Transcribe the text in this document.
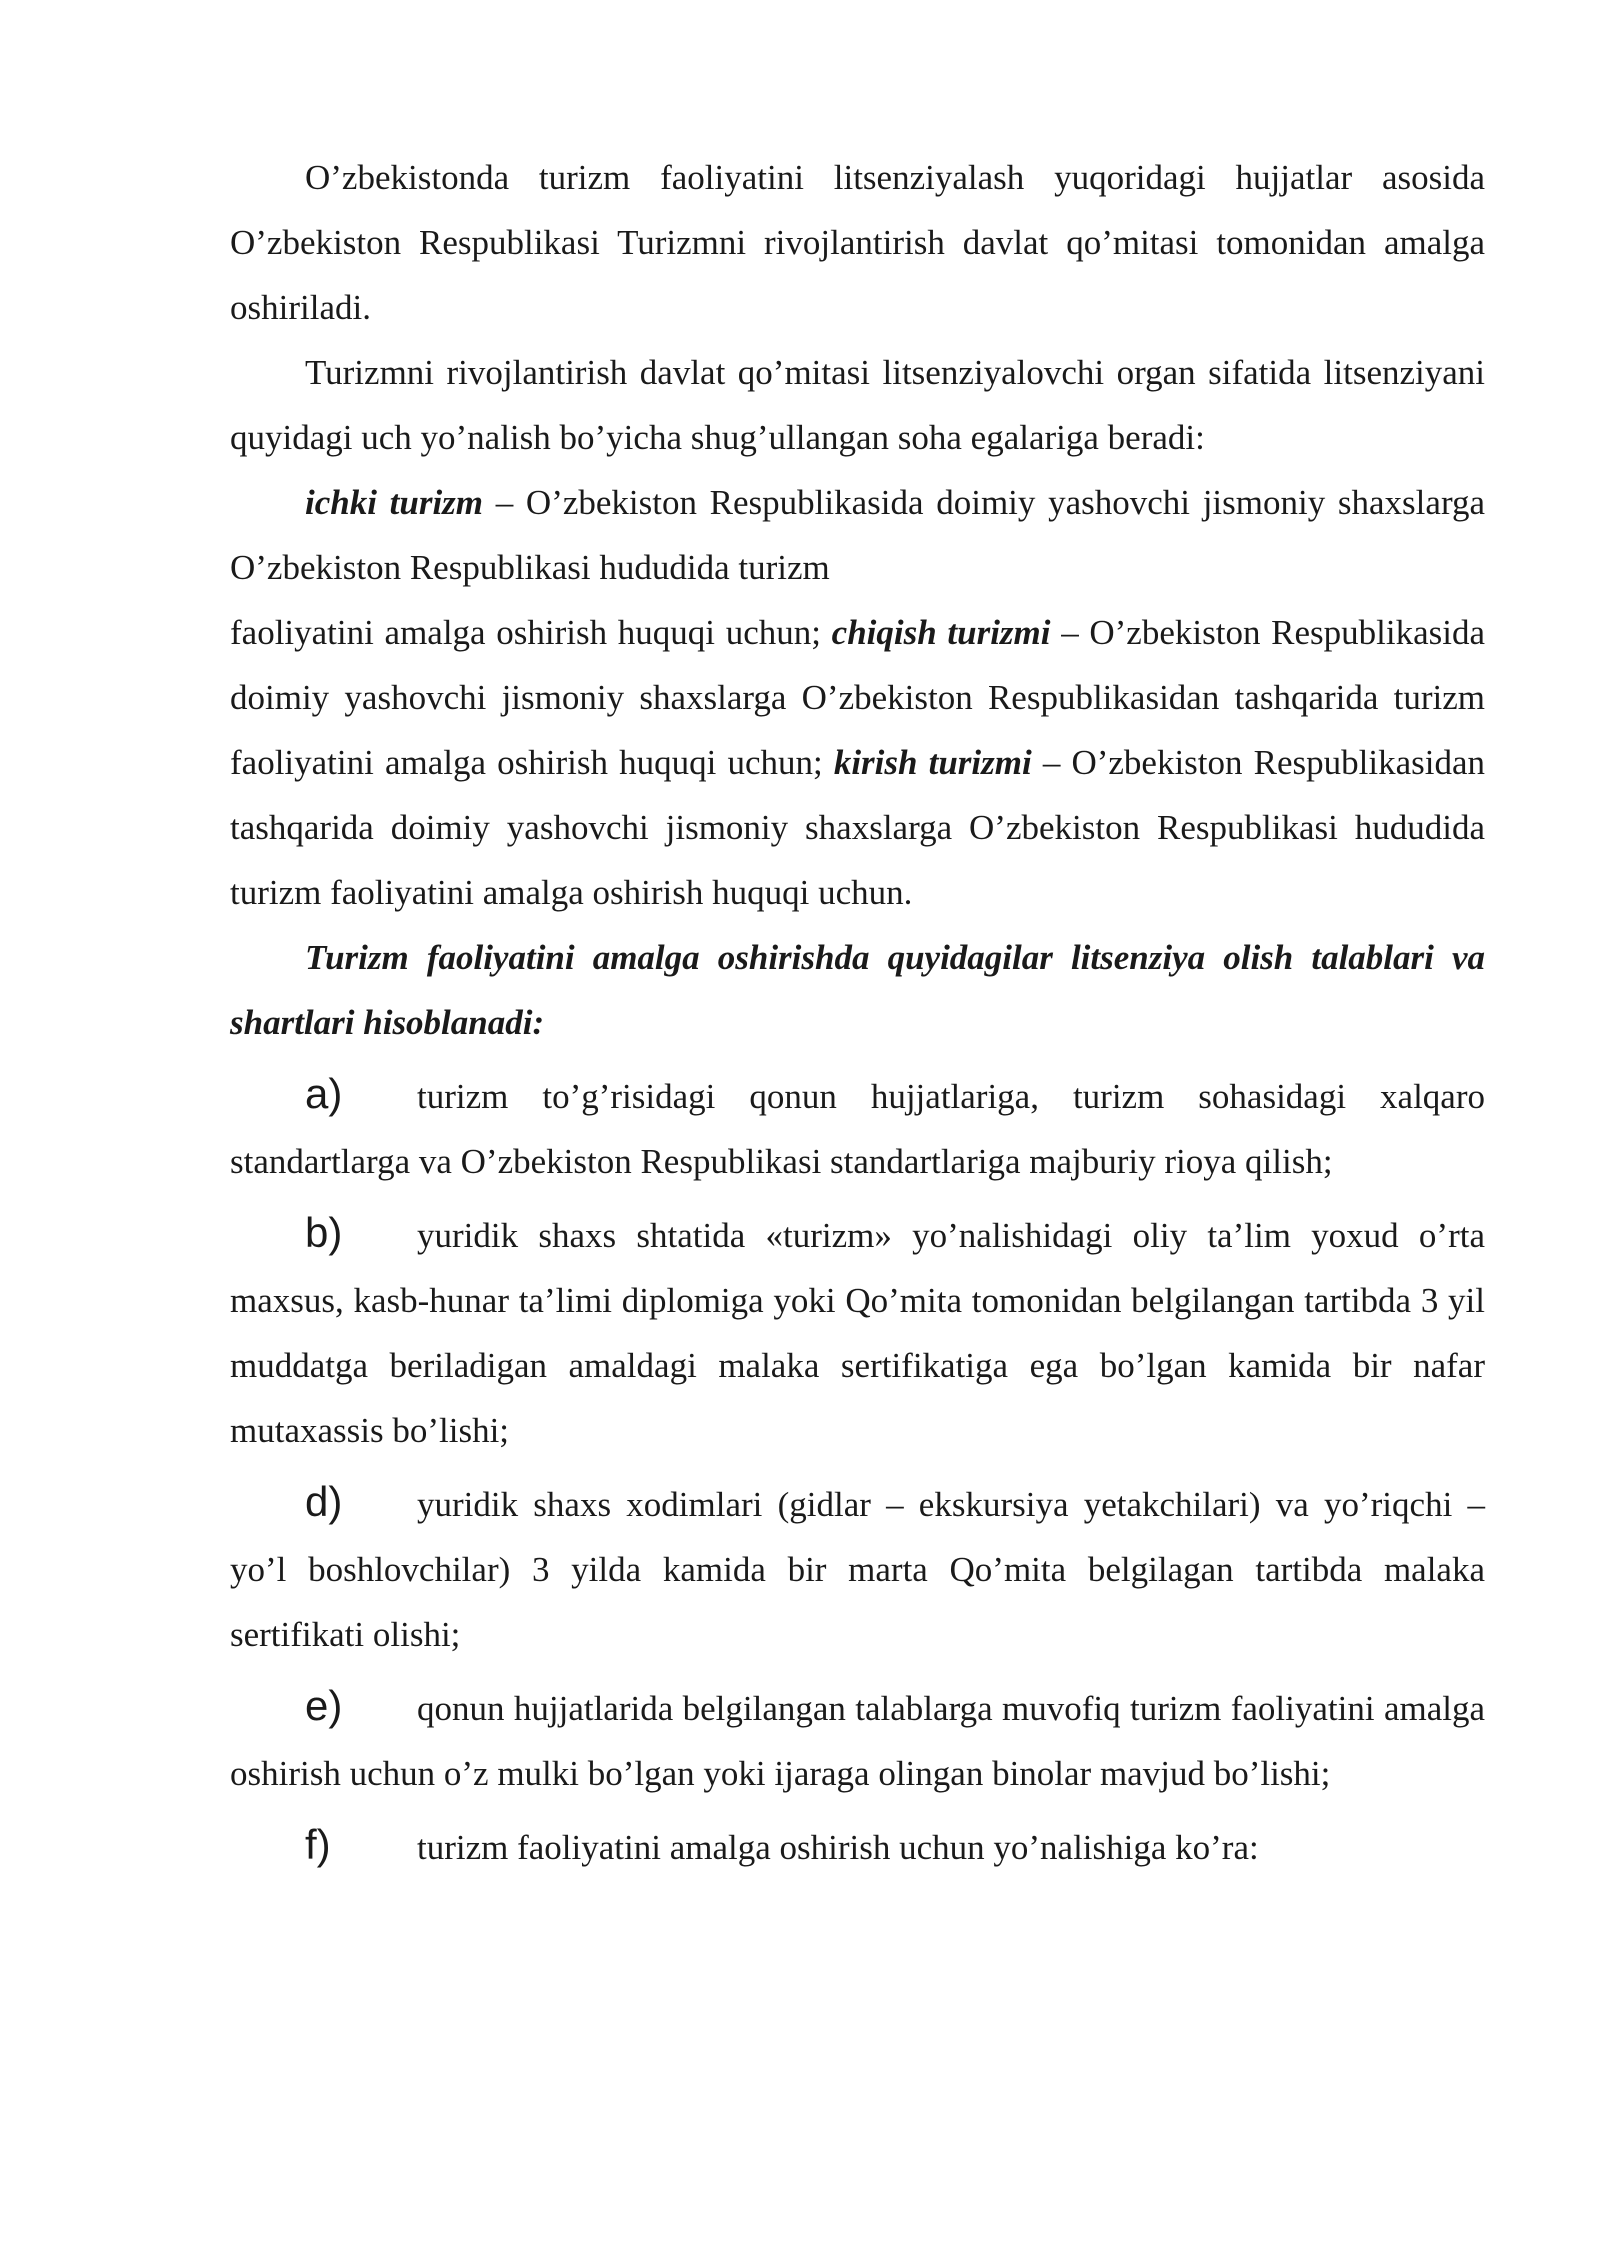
O’zbekistonda turizm faoliyatini litsenziyalash yuqoridagi hujjatlar asosida O’zbekiston Respublikasi Turizmni rivojlantirish davlat qo’mitasi tomonidan amalga oshiriladi.

Turizmni rivojlantirish davlat qo’mitasi litsenziyalovchi organ sifatida litsenziyani quyidagi uch yo’nalish bo’yicha shug’ullangan soha egalariga beradi:

ichki turizm – O’zbekiston Respublikasida doimiy yashovchi jismoniy shaxslarga O’zbekiston Respublikasi hududida turizm

faoliyatini amalga oshirish huquqi uchun; chiqish turizmi – O’zbekiston Respublikasida doimiy yashovchi jismoniy shaxslarga O’zbekiston Respublikasidan tashqarida turizm faoliyatini amalga oshirish huquqi uchun; kirish turizmi – O’zbekiston Respublikasidan tashqarida doimiy yashovchi jismoniy shaxslarga O’zbekiston Respublikasi hududida turizm faoliyatini amalga oshirish huquqi uchun.

Turizm faoliyatini amalga oshirishda quyidagilar litsenziya olish talablari va shartlari hisoblanadi:

a) turizm to’g’risidagi qonun hujjatlariga, turizm sohasidagi xalqaro standartlarga va O’zbekiston Respublikasi standartlariga majburiy rioya qilish;

b) yuridik shaxs shtatida «turizm» yo’nalishidagi oliy ta’lim yoxud o’rta maxsus, kasb-hunar ta’limi diplomiga yoki Qo’mita tomonidan belgilangan tartibda 3 yil muddatga beriladigan amaldagi malaka sertifikatiga ega bo’lgan kamida bir nafar mutaxassis bo’lishi;

d) yuridik shaxs xodimlari (gidlar – ekskursiya yetakchilari) va yo’riqchi – yo’l boshlovchilar) 3 yilda kamida bir marta Qo’mita belgilagan tartibda malaka sertifikati olishi;

e) qonun hujjatlarida belgilangan talablarga muvofiq turizm faoliyatini amalga oshirish uchun o’z mulki bo’lgan yoki ijaraga olingan binolar mavjud bo’lishi;

f) turizm faoliyatini amalga oshirish uchun yo’nalishiga ko’ra:
